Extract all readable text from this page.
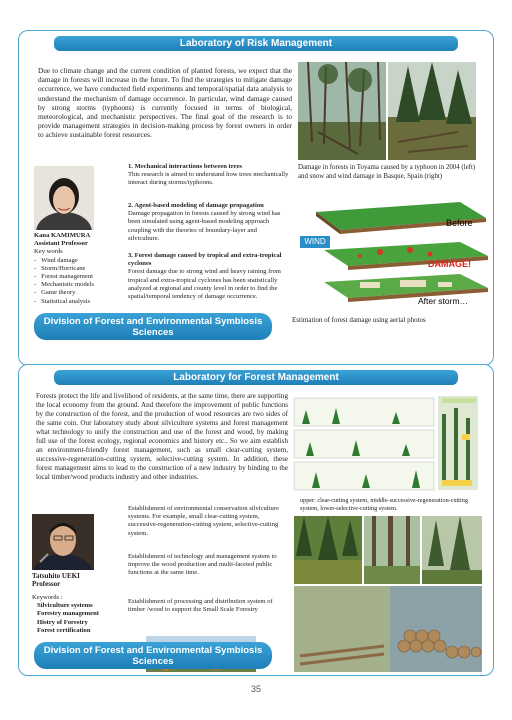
Laboratory of Risk Management
Due to climate change and the current condition of planted forests, we expect that the damage in forests will increase in the future. To find the strategies to mitigate damage occurrence, we have conducted field experiments and temporal/spatial data analysis to understand the mechanism of damage occurrence. In particular, wind damage caused by strong storms (typhoons) is currently focused in terms of biological, meteorological, and mechanistic perspectives. The final goal of the research is to provide management strategies in decision-making process by forest owners in order to achieve sustainable forest resources.
Damage in forests in Toyama caused by a typhoon in 2004 (left) and snow and wind damage in Basque, Spain (right)
Kana KAMIMURA
Assistant Professor
Key words
-   Wind damage
-   Storm/Hurricane
-   Forest management
-   Mechanistic models
-   Game theory
-   Statistical analysis
1. Mechanical interactions between trees
This research is aimed to understand how trees mechanically interact during storms/typhoons.
2. Agent-based modeling of damage propagation
Damage propagation in forests caused by strong wind has been simulated using agent-based modeling approach coupling with the theories of boundary-layer and silviculture.
3. Forest damage caused by tropical and extra-tropical cyclones
Forest damage due to strong wind and heavy raining from tropical and extra-tropical cyclones has been statistically analyzed at regional and county level in order to find the spatial/temporal tendency of damage occurrence.
Before
WIND
DAMAGE!
After storm…
Division of Forest and Environmental Symbiosis Sciences
Estimation of forest damage using aerial photos
Laboratory for Forest Management
Forests protect the life and livelihood of residents, at the same time, there are supporting the local economy from the ground. And therefore the improvement of public functions by the construction of the forest, and the production of wood resources are two sides of the same coin. Our laboratory study about silviculture systems and forest management what technology to unify the construction and use of the forest and wood, by making full use of the forest ecology, regional economics and history etc.. So we aim establish an environment-friendly forest management, such as small clear-cutting system, successive-regeneration-cutting system, selective-cutting system. In addition, these forest management aims to lead to the construction of a new industry by binding to the local timber/wood products industry and other industries.
upper: clear-cutting system, middle-successive-regeneration-cutting system, lower-selective-cutting system.
Tatsuhito UEKI
Professor
Keywords :
Silviculture systems
Forestry management
Histry of Forestry
Forest certification
Establishment of environmental conservation silviculture systems. For example, small clear-cutting system, successive-regeneration-cutting system, selective-cutting system.
Establishment of technology and management system to improve the wood production and multi-faceted public functions at the same time.
Establishment of processing and distribution system of timber /wood to support the Small Scale Forestry
Division of Forest and Environmental Symbiosis Sciences
35
